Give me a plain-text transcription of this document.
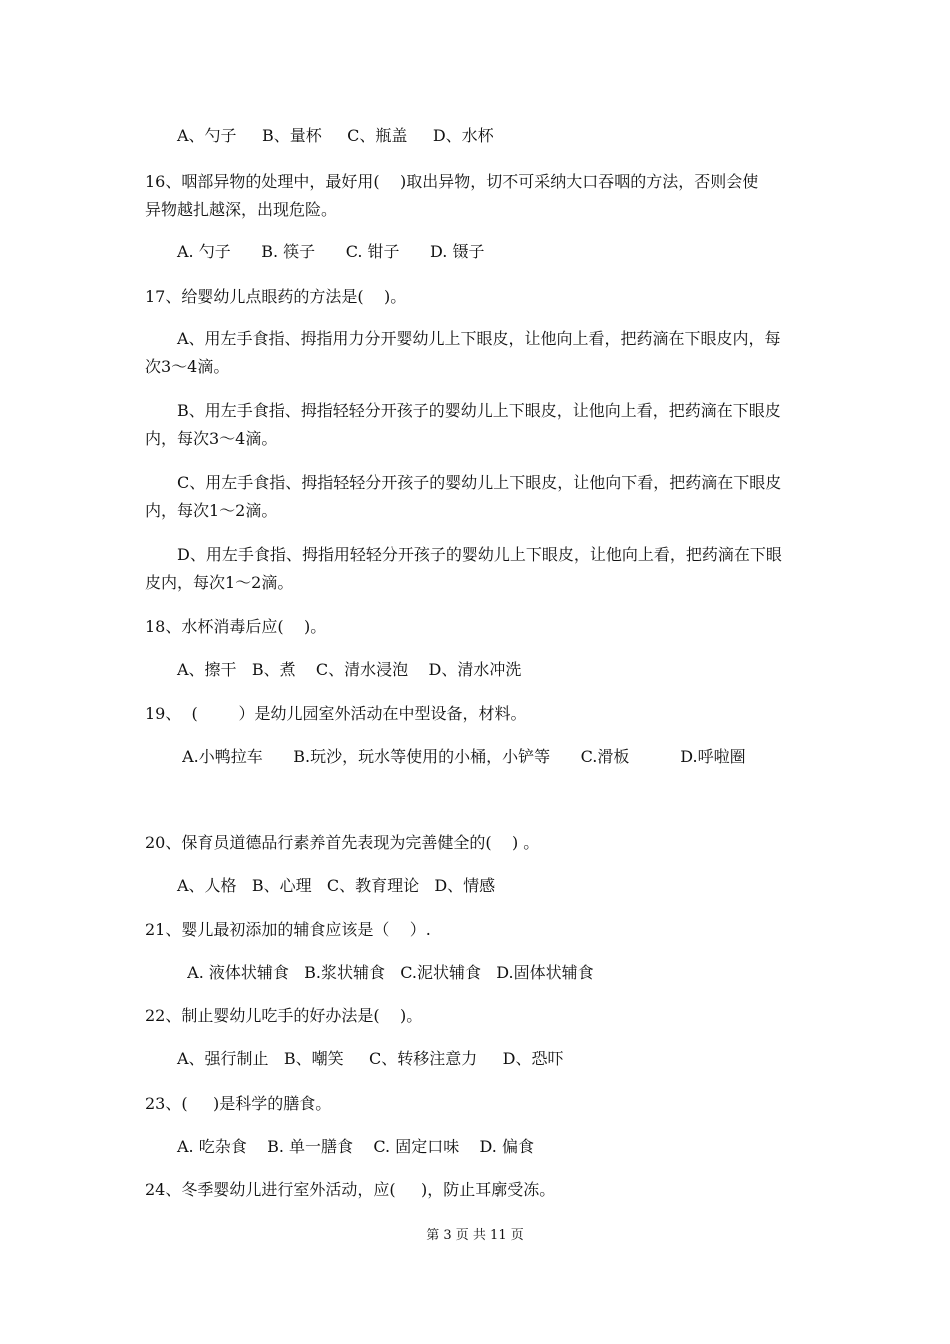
A、勺子     B、量杯     C、瓶盖     D、水杯
16、咽部异物的处理中，最好用(    )取出异物，切不可采纳大口吞咽的方法，否则会使
异物越扎越深，出现危险。
A. 勺子      B. 筷子      C. 钳子      D. 镊子
17、给婴幼儿点眼药的方法是(    )。
A、用左手食指、拇指用力分开婴幼儿上下眼皮，让他向上看，把药滴在下眼皮内，每
次3～4滴。
B、用左手食指、拇指轻轻分开孩子的婴幼儿上下眼皮，让他向上看，把药滴在下眼皮
内，每次3～4滴。
C、用左手食指、拇指轻轻分开孩子的婴幼儿上下眼皮，让他向下看，把药滴在下眼皮
内，每次1～2滴。
D、用左手食指、拇指用轻轻分开孩子的婴幼儿上下眼皮，让他向上看，把药滴在下眼
皮内，每次1～2滴。
18、水杯消毒后应(    )。
A、擦干   B、煮    C、清水浸泡    D、清水冲洗
19、  (        ）是幼儿园室外活动在中型设备，材料。
A.小鸭拉车      B.玩沙，玩水等使用的小桶，小铲等      C.滑板          D.呼啦圈
20、保育员道德品行素养首先表现为完善健全的(    ) 。
A、人格   B、心理   C、教育理论   D、情感
21、婴儿最初添加的辅食应该是（    ）.
A. 液体状辅食   B.浆状辅食   C.泥状辅食   D.固体状辅食
22、制止婴幼儿吃手的好办法是(    )。
A、强行制止   B、嘲笑     C、转移注意力     D、恐吓
23、(     )是科学的膳食。
A. 吃杂食    B. 单一膳食    C. 固定口味    D. 偏食
24、冬季婴幼儿进行室外活动，应(     )，防止耳廓受冻。
第 3 页 共 11 页
